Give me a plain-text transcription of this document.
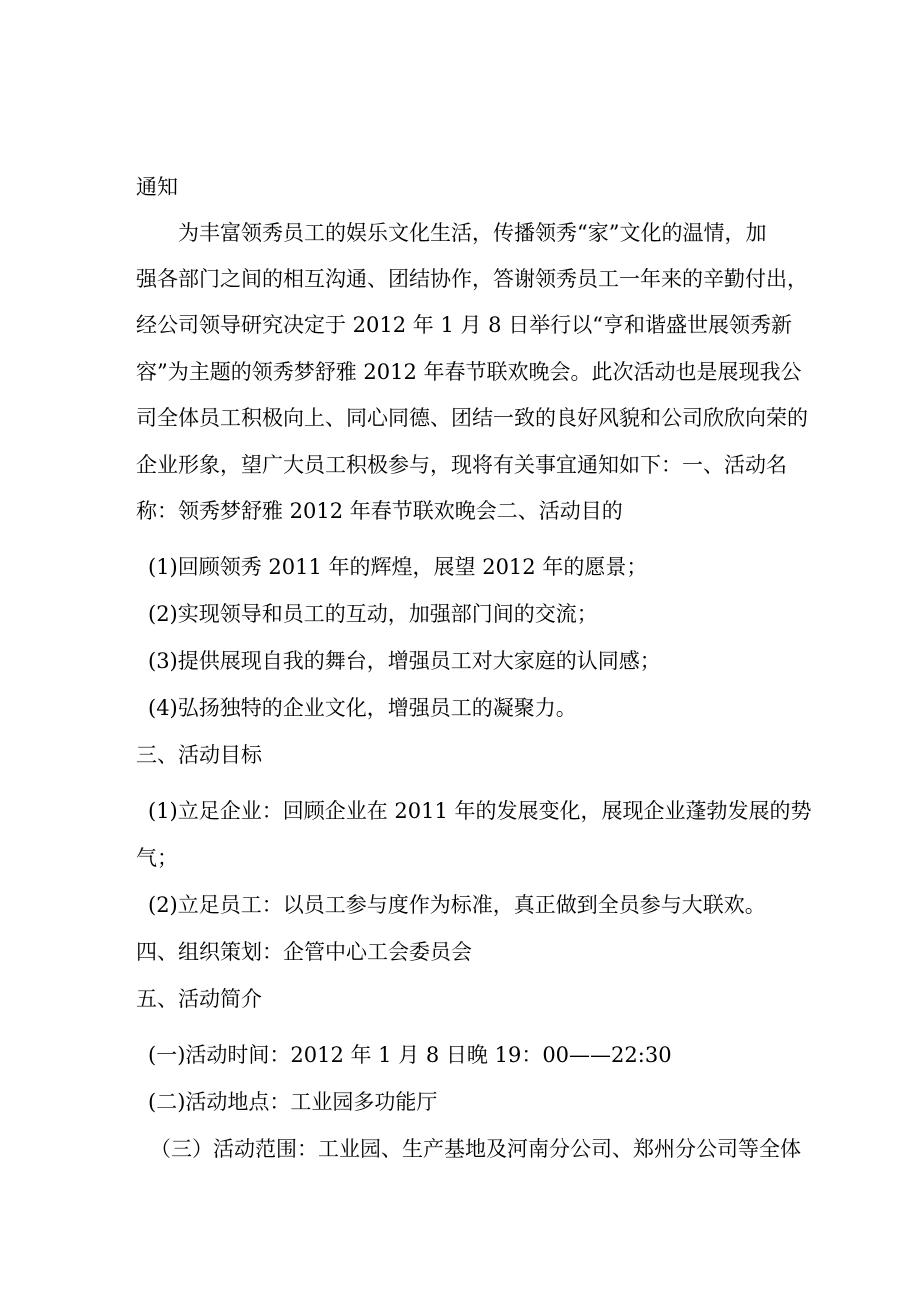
通知
为丰富领秀员工的娱乐文化生活，传播领秀“家”文化的温情，加
强各部门之间的相互沟通、团结协作，答谢领秀员工一年来的辛勤付出，
经公司领导研究决定于 2012 年 1 月 8 日举行以“亨和谐盛世展领秀新
容”为主题的领秀梦舒雅 2012 年春节联欢晚会。此次活动也是展现我公
司全体员工积极向上、同心同德、团结一致的良好风貌和公司欣欣向荣的
企业形象，望广大员工积极参与，现将有关事宜通知如下：一、活动名
称：领秀梦舒雅 2012 年春节联欢晚会二、活动目的
(1)回顾领秀 2011 年的辉煌，展望 2012 年的愿景；
(2)实现领导和员工的互动，加强部门间的交流；
(3)提供展现自我的舞台，增强员工对大家庭的认同感；
(4)弘扬独特的企业文化，增强员工的凝聚力。
三、活动目标
(1)立足企业：回顾企业在 2011 年的发展变化，展现企业蓬勃发展的势
气；
(2)立足员工：以员工参与度作为标准，真正做到全员参与大联欢。
四、组织策划：企管中心工会委员会
五、活动简介
(一)活动时间：2012 年 1 月 8 日晚 19：00——22:30
(二)活动地点：工业园多功能厅
（三）活动范围：工业园、生产基地及河南分公司、郑州分公司等全体
